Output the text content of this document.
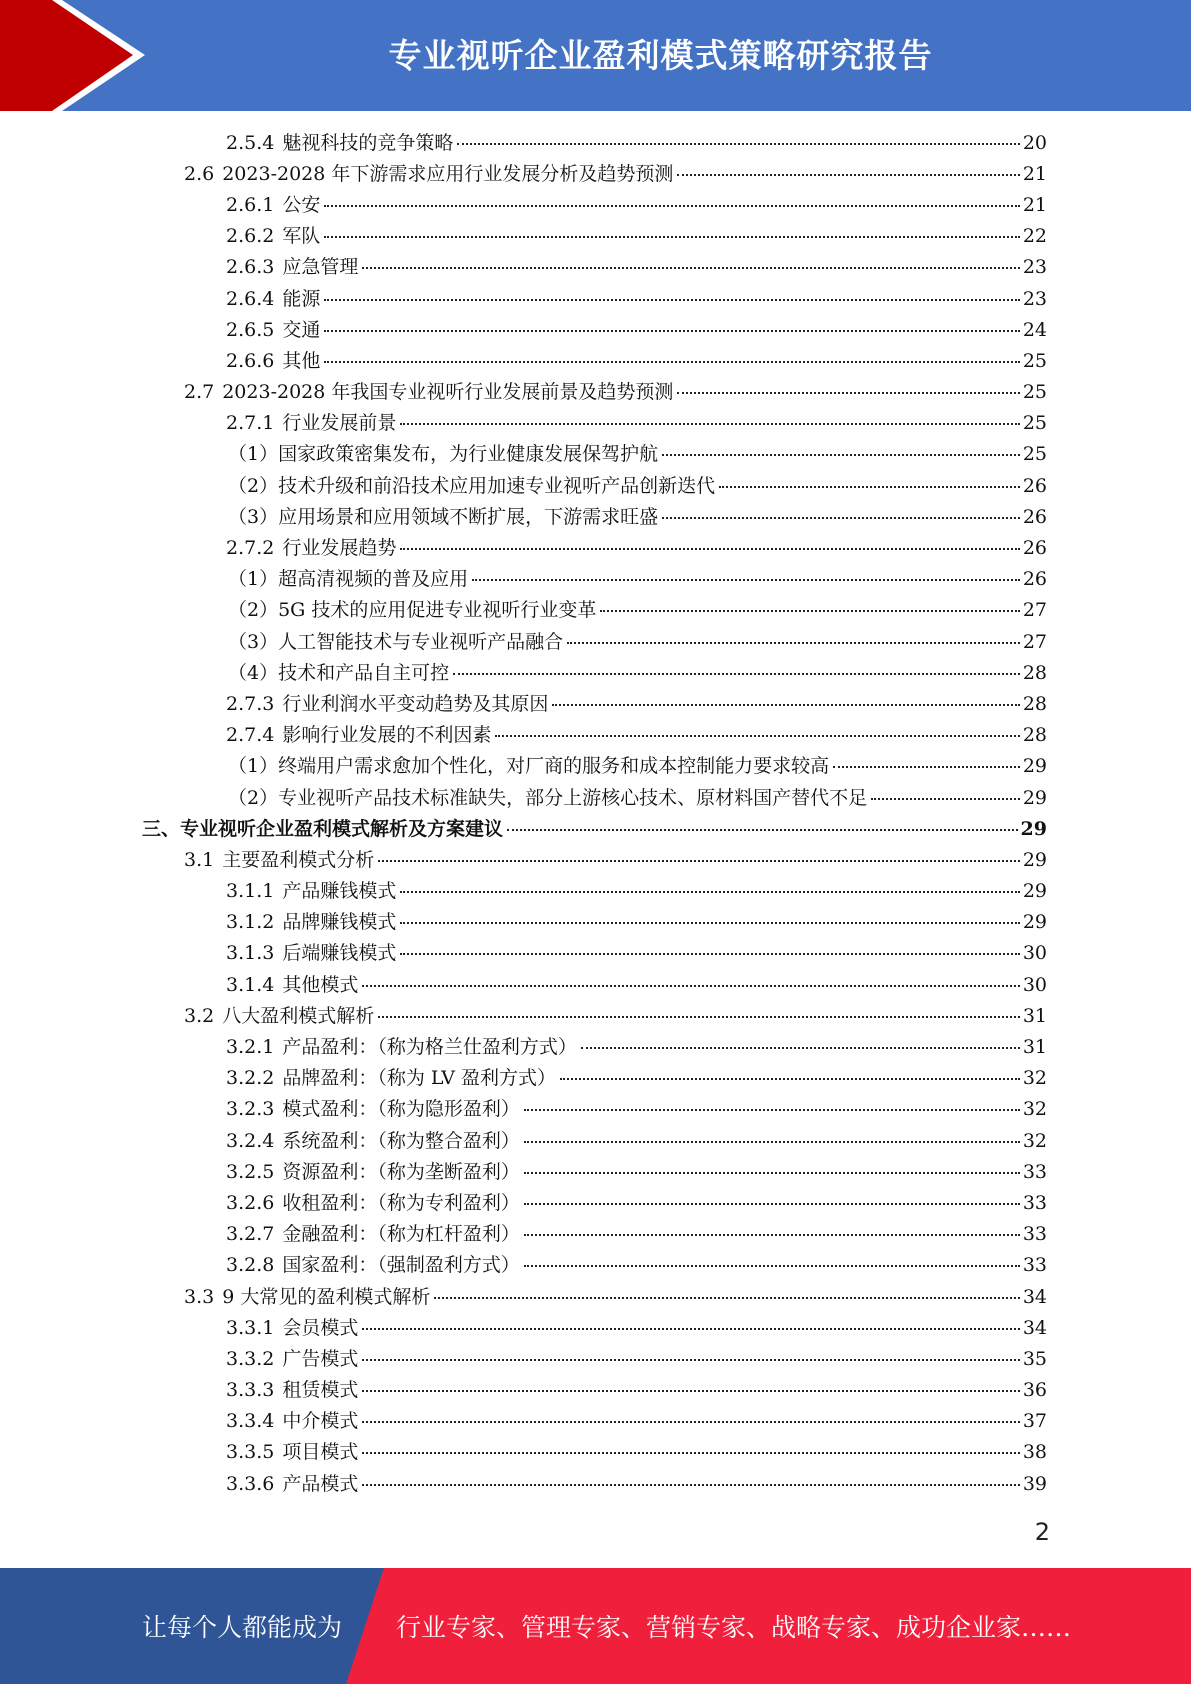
专业视听企业盈利模式策略研究报告
2.5.4 魅视科技的竞争策略	20
2.6 2023-2028 年下游需求应用行业发展分析及趋势预测	21
2.6.1 公安	21
2.6.2 军队	22
2.6.3 应急管理	23
2.6.4 能源	23
2.6.5 交通	24
2.6.6 其他	25
2.7 2023-2028 年我国专业视听行业发展前景及趋势预测	25
2.7.1 行业发展前景	25
（1）国家政策密集发布，为行业健康发展保驾护航	25
（2）技术升级和前沿技术应用加速专业视听产品创新迭代	26
（3）应用场景和应用领域不断扩展，下游需求旺盛	26
2.7.2 行业发展趋势	26
（1）超高清视频的普及应用	26
（2）5G 技术的应用促进专业视听行业变革	27
（3）人工智能技术与专业视听产品融合	27
（4）技术和产品自主可控	28
2.7.3 行业利润水平变动趋势及其原因	28
2.7.4 影响行业发展的不利因素	28
（1）终端用户需求愈加个性化，对厂商的服务和成本控制能力要求较高	29
（2）专业视听产品技术标准缺失，部分上游核心技术、原材料国产替代不足	29
三、专业视听企业盈利模式解析及方案建议	29
3.1 主要盈利模式分析	29
3.1.1 产品赚钱模式	29
3.1.2 品牌赚钱模式	29
3.1.3 后端赚钱模式	30
3.1.4 其他模式	30
3.2 八大盈利模式解析	31
3.2.1 产品盈利：（称为格兰仕盈利方式）	31
3.2.2 品牌盈利：（称为 LV 盈利方式）	32
3.2.3 模式盈利：（称为隐形盈利）	32
3.2.4 系统盈利：（称为整合盈利）	32
3.2.5 资源盈利：（称为垄断盈利）	33
3.2.6 收租盈利：（称为专利盈利）	33
3.2.7 金融盈利：（称为杠杆盈利）	33
3.2.8 国家盈利：（强制盈利方式）	33
3.3 9 大常见的盈利模式解析	34
3.3.1 会员模式	34
3.3.2 广告模式	35
3.3.3 租赁模式	36
3.3.4 中介模式	37
3.3.5 项目模式	38
3.3.6 产品模式	39
2
让每个人都能成为 行业专家、管理专家、营销专家、战略专家、成功企业家……
